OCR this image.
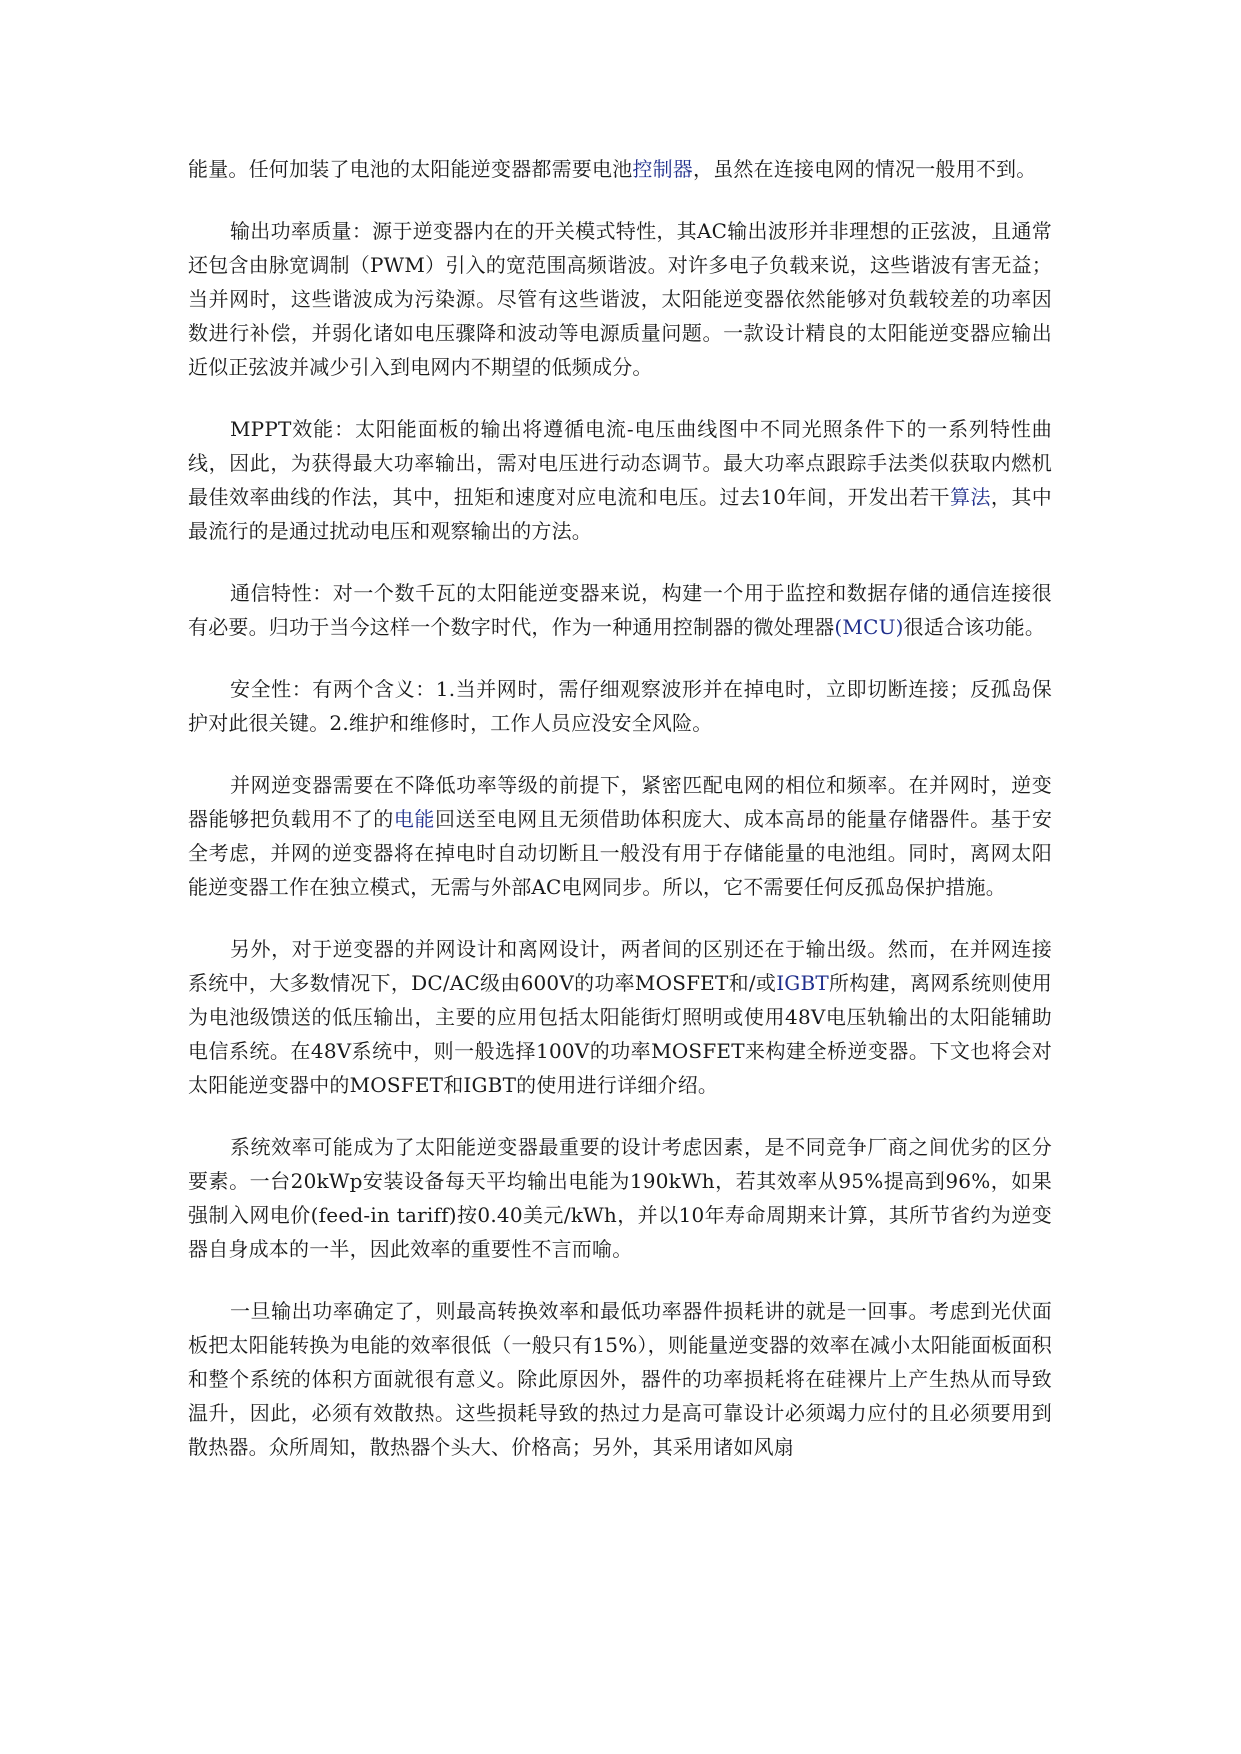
能量。任何加装了电池的太阳能逆变器都需要电池控制器，虽然在连接电网的情况一般用不到。

输出功率质量：源于逆变器内在的开关模式特性，其AC输出波形并非理想的正弦波，且通常还包含由脉宽调制（PWM）引入的宽范围高频谐波。对许多电子负载来说，这些谐波有害无益；当并网时，这些谐波成为污染源。尽管有这些谐波，太阳能逆变器依然能够对负载较差的功率因数进行补偿，并弱化诸如电压骤降和波动等电源质量问题。一款设计精良的太阳能逆变器应输出近似正弦波并减少引入到电网内不期望的低频成分。

MPPT效能：太阳能面板的输出将遵循电流-电压曲线图中不同光照条件下的一系列特性曲线，因此，为获得最大功率输出，需对电压进行动态调节。最大功率点跟踪手法类似获取内燃机最佳效率曲线的作法，其中，扭矩和速度对应电流和电压。过去10年间，开发出若干算法，其中最流行的是通过扰动电压和观察输出的方法。

通信特性：对一个数千瓦的太阳能逆变器来说，构建一个用于监控和数据存储的通信连接很有必要。归功于当今这样一个数字时代，作为一种通用控制器的微处理器(MCU)很适合该功能。

安全性：有两个含义：1.当并网时，需仔细观察波形并在掉电时，立即切断连接；反孤岛保护对此很关键。2.维护和维修时，工作人员应没安全风险。

并网逆变器需要在不降低功率等级的前提下，紧密匹配电网的相位和频率。在并网时，逆变器能够把负载用不了的电能回送至电网且无须借助体积庞大、成本高昂的能量存储器件。基于安全考虑，并网的逆变器将在掉电时自动切断且一般没有用于存储能量的电池组。同时，离网太阳能逆变器工作在独立模式，无需与外部AC电网同步。所以，它不需要任何反孤岛保护措施。

另外，对于逆变器的并网设计和离网设计，两者间的区别还在于输出级。然而，在并网连接系统中，大多数情况下，DC/AC级由600V的功率MOSFET和/或IGBT所构建，离网系统则使用为电池级馈送的低压输出，主要的应用包括太阳能街灯照明或使用48V电压轨输出的太阳能辅助电信系统。在48V系统中，则一般选择100V的功率MOSFET来构建全桥逆变器。下文也将会对太阳能逆变器中的MOSFET和IGBT的使用进行详细介绍。

系统效率可能成为了太阳能逆变器最重要的设计考虑因素，是不同竞争厂商之间优劣的区分要素。一台20kWp安装设备每天平均输出电能为190kWh，若其效率从95%提高到96%，如果强制入网电价(feed-in tariff)按0.40美元/kWh，并以10年寿命周期来计算，其所节省约为逆变器自身成本的一半，因此效率的重要性不言而喻。

一旦输出功率确定了，则最高转换效率和最低功率器件损耗讲的就是一回事。考虑到光伏面板把太阳能转换为电能的效率很低（一般只有15%），则能量逆变器的效率在减小太阳能面板面积和整个系统的体积方面就很有意义。除此原因外，器件的功率损耗将在硅裸片上产生热从而导致温升，因此，必须有效散热。这些损耗导致的热过力是高可靠设计必须竭力应付的且必须要用到散热器。众所周知，散热器个头大、价格高；另外，其采用诸如风扇
